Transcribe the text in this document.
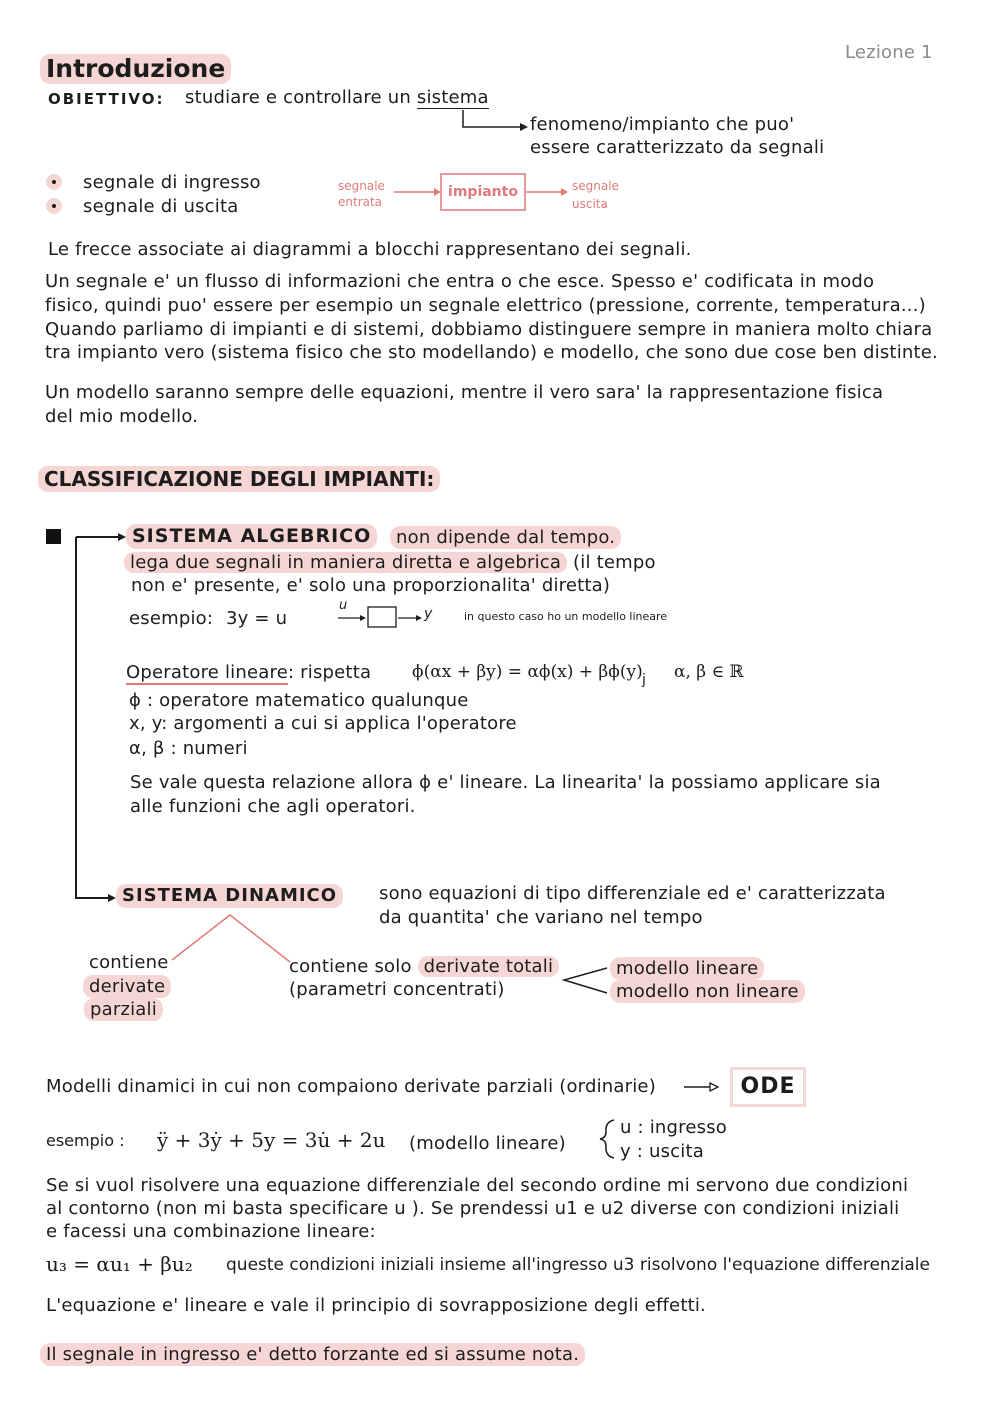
Lezione 1
Introduzione
OBIETTIVO: studiare e controllare un sistema
fenomeno/impianto che puo'
essere caratterizzato da segnali
segnale di ingresso
segnale di uscita
segnale
entrata
impianto	segnale
uscita
Le frecce associate ai diagrammi a blocchi rappresentano dei segnali.
Un segnale e' un flusso di informazioni che entra o che esce. Spesso e' codificata in modo
fisico, quindi puo' essere per esempio un segnale elettrico (pressione, corrente, temperatura...)
Quando parliamo di impianti e di sistemi, dobbiamo distinguere sempre in maniera molto chiara
tra impianto vero (sistema fisico che sto modellando) e modello, che sono due cose ben distinte.
Un modello saranno sempre delle equazioni, mentre il vero sara' la rappresentazione fisica
del mio modello.
CLASSIFICAZIONE DEGLI IMPIANTI:
SISTEMA ALGEBRICO	non dipende dal tempo.
lega due segnali in maniera diretta e algebrica (il tempo
non e' presente, e' solo una proporzionalita' diretta)
esempio: 3y = u
u
y	in questo caso ho un modello lineare
Operatore lineare: rispetta ϕ(αx + βy) = αϕ(x) + βϕ(y) j α, β ∈ ℝ
ϕ : operatore matematico qualunque
x, y: argomenti a cui si applica l'operatore
α, β : numeri
Se vale questa relazione allora ϕ e' lineare. La linearita' la possiamo applicare sia
alle funzioni che agli operatori.
SISTEMA DINAMICO	sono equazioni di tipo differenziale ed e' caratterizzata
da quantita' che variano nel tempo
contiene
derivate
parziali
contiene solo derivate totali
(parametri concentrati)
modello lineare
modello non lineare
Modelli dinamici in cui non compaiono derivate parziali (ordinarie)	ODE
esempio : ÿ + 3ẏ + 5y = 3u̇ + 2u (modello lineare)
u : ingresso
y : uscita
Se si vuol risolvere una equazione differenziale del secondo ordine mi servono due condizioni
al contorno (non mi basta specificare u ). Se prendessi u1 e u2 diverse con condizioni iniziali
e facessi una combinazione lineare:
u₃ = αu₁ + βu₂ queste condizioni iniziali insieme all'ingresso u3 risolvono l'equazione differenziale
L'equazione e' lineare e vale il principio di sovrapposizione degli effetti.
Il segnale in ingresso e' detto forzante ed si assume nota.
